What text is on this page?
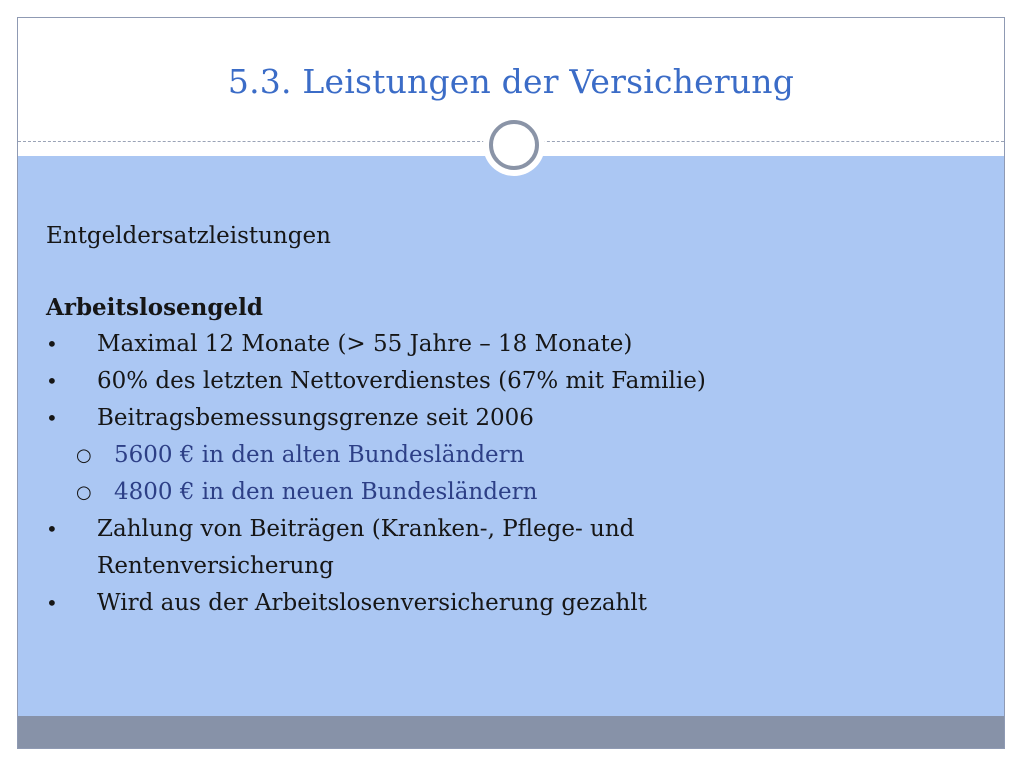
5.3. Leistungen der Versicherung
Entgeldersatzleistungen
Arbeitslosengeld
•	Maximal 12 Monate (> 55 Jahre – 18 Monate)
•	60% des letzten Nettoverdienstes (67% mit Familie)
•	Beitragsbemessungsgrenze seit 2006
○ 5600 € in den alten Bundesländern
○ 4800 € in den neuen Bundesländern
•	Zahlung von Beiträgen (Kranken-, Pflege- und
Rentenversicherung
•	Wird aus der Arbeitslosenversicherung gezahlt
